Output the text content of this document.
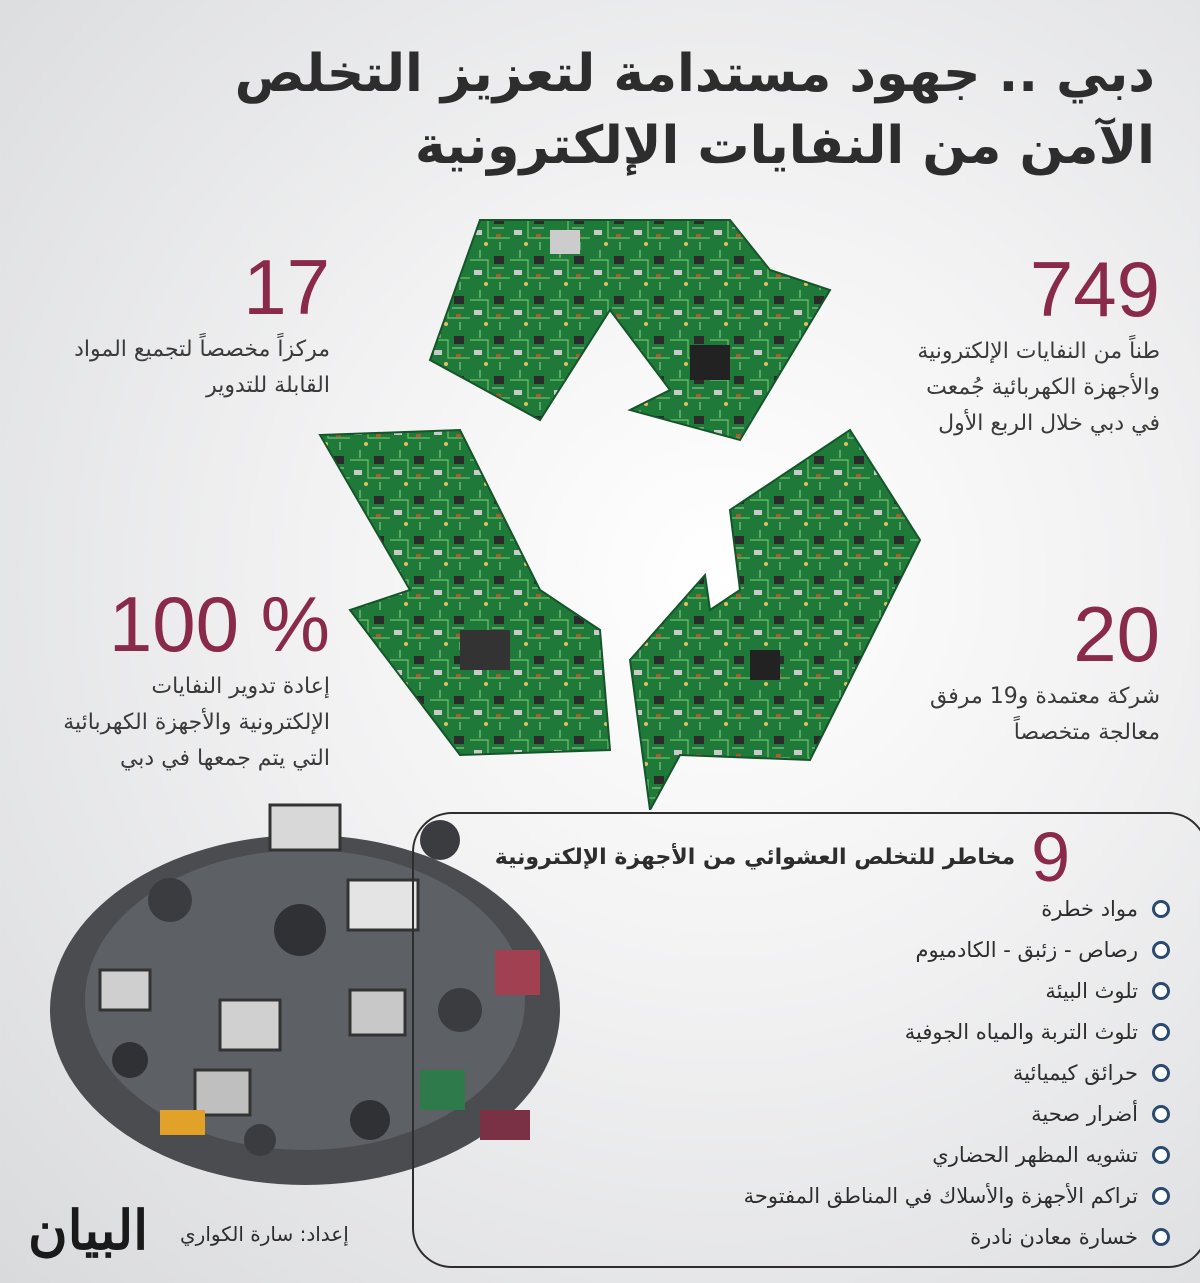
دبي .. جهود مستدامة لتعزيز التخلص
الآمن من النفايات الإلكترونية
749
طناً من النفايات الإلكترونية
والأجهزة الكهربائية جُمعت
في دبي خلال الربع الأول
17
مركزاً مخصصاً لتجميع المواد
القابلة للتدوير
% 100
إعادة تدوير النفايات
الإلكترونية والأجهزة الكهربائية
التي يتم جمعها في دبي
20
شركة معتمدة و19 مرفق
معالجة متخصصاً
9
مخاطر للتخلص العشوائي من الأجهزة الإلكترونية
مواد خطرة
رصاص - زئبق - الكادميوم
تلوث البيئة
تلوث التربة والمياه الجوفية
حرائق كيميائية
أضرار صحية
تشويه المظهر الحضاري
تراكم الأجهزة والأسلاك في المناطق المفتوحة
خسارة معادن نادرة
إعداد: سارة الكواري
البيان
